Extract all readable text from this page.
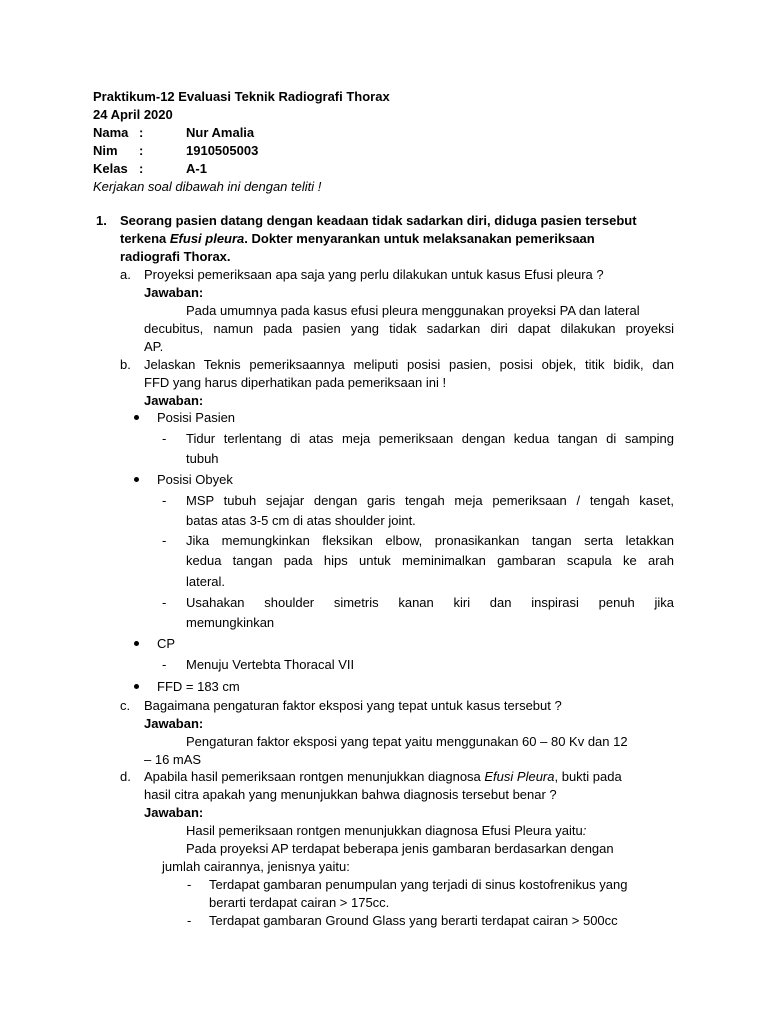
Praktikum-12 Evaluasi Teknik Radiografi Thorax
24 April 2020
Nama :	Nur Amalia
Nim :	1910505003
Kelas :	A-1
Kerjakan soal dibawah ini dengan teliti !
1. Seorang pasien datang dengan keadaan tidak sadarkan diri, diduga pasien tersebut
terkena Efusi pleura. Dokter menyarankan untuk melaksanakan pemeriksaan
radiografi Thorax.
a. Proyeksi pemeriksaan apa saja yang perlu dilakukan untuk kasus Efusi pleura ?
Jawaban:
Pada umumnya pada kasus efusi pleura menggunakan proyeksi PA dan lateral
decubitus, namun pada pasien yang tidak sadarkan diri dapat dilakukan proyeksi
AP.
b. Jelaskan Teknis pemeriksaannya meliputi posisi pasien, posisi objek, titik bidik, dan
FFD yang harus diperhatikan pada pemeriksaan ini !
Jawaban:
Posisi Pasien
- Tidur terlentang di atas meja pemeriksaan dengan kedua tangan di samping
tubuh
Posisi Obyek
- MSP tubuh sejajar dengan garis tengah meja pemeriksaan / tengah kaset,
batas atas 3-5 cm di atas shoulder joint.
- Jika memungkinkan fleksikan elbow, pronasikankan tangan serta letakkan
kedua tangan pada hips untuk meminimalkan gambaran scapula ke arah
lateral.
- Usahakan shoulder simetris kanan kiri dan inspirasi penuh jika
memungkinkan
CP
- Menuju Vertebta Thoracal VII
FFD = 183 cm
c. Bagaimana pengaturan faktor eksposi yang tepat untuk kasus tersebut ?
Jawaban:
Pengaturan faktor eksposi yang tepat yaitu menggunakan 60 – 80 Kv dan 12
– 16 mAS
d. Apabila hasil pemeriksaan rontgen menunjukkan diagnosa Efusi Pleura, bukti pada
hasil citra apakah yang menunjukkan bahwa diagnosis tersebut benar ?
Jawaban:
Hasil pemeriksaan rontgen menunjukkan diagnosa Efusi Pleura yaitu:
Pada proyeksi AP terdapat beberapa jenis gambaran berdasarkan dengan
jumlah cairannya, jenisnya yaitu:
- Terdapat gambaran penumpulan yang terjadi di sinus kostofrenikus yang
berarti terdapat cairan > 175cc.
- Terdapat gambaran Ground Glass yang berarti terdapat cairan > 500cc
